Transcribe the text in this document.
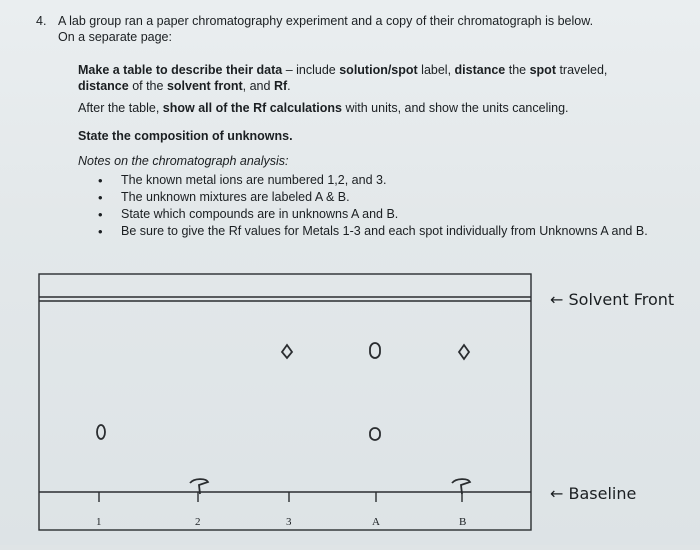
4. A lab group ran a paper chromatography experiment and a copy of their chromatograph is below.
On a separate page:
Make a table to describe their data – include solution/spot label, distance the spot traveled,
distance of the solvent front, and Rf.
After the table, show all of the Rf calculations with units, and show the units canceling.
State the composition of unknowns.
Notes on the chromatograph analysis:
• The known metal ions are numbered 1,2, and 3.
• The unknown mixtures are labeled A & B.
• State which compounds are in unknowns A and B.
• Be sure to give the Rf values for Metals 1-3 and each spot individually from Unknowns A and B.
1	2	3	A	B
← Solvent Front
← Baseline
